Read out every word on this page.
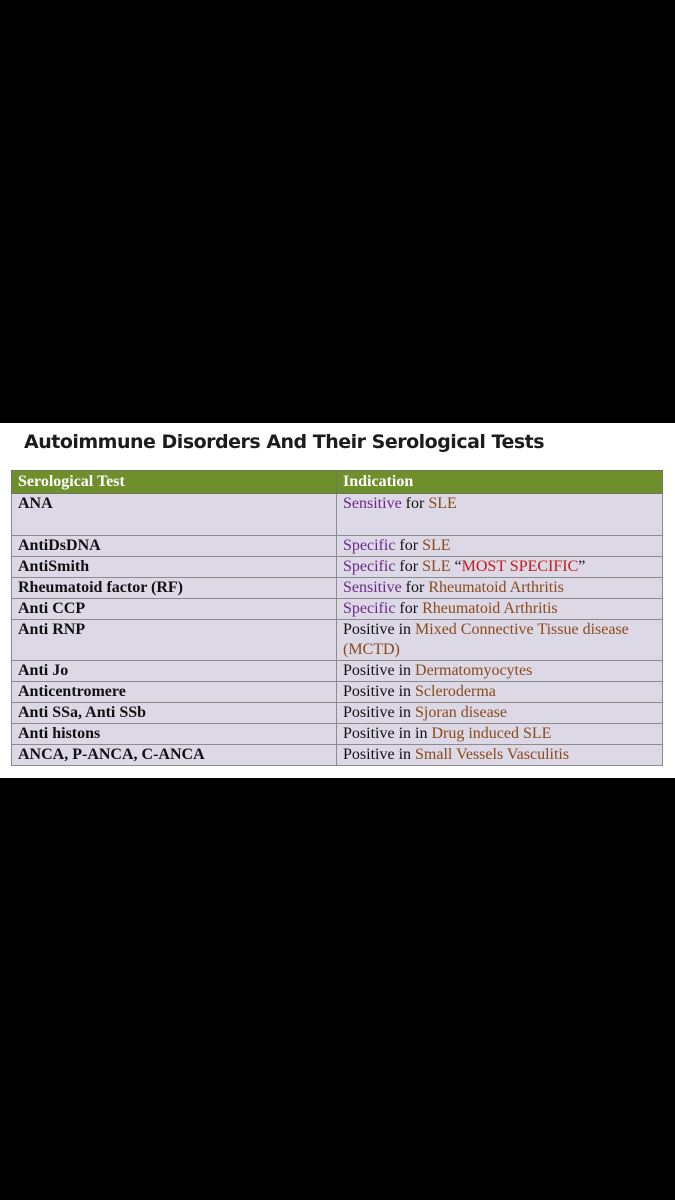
Autoimmune Disorders And Their Serological Tests
Serological Test	Indication
ANA	Sensitive for SLE
AntiDsDNA	Specific for SLE
AntiSmith	Specific for SLE “MOST SPECIFIC”
Rheumatoid factor (RF)	Sensitive for Rheumatoid Arthritis
Anti CCP	Specific for Rheumatoid Arthritis
Anti RNP	Positive in Mixed Connective Tissue disease (MCTD)
Anti Jo	Positive in Dermatomyocytes
Anticentromere	Positive in Scleroderma
Anti SSa, Anti SSb	Positive in Sjoran disease
Anti histons	Positive in in Drug induced SLE
ANCA, P-ANCA, C-ANCA	Positive in Small Vessels Vasculitis
